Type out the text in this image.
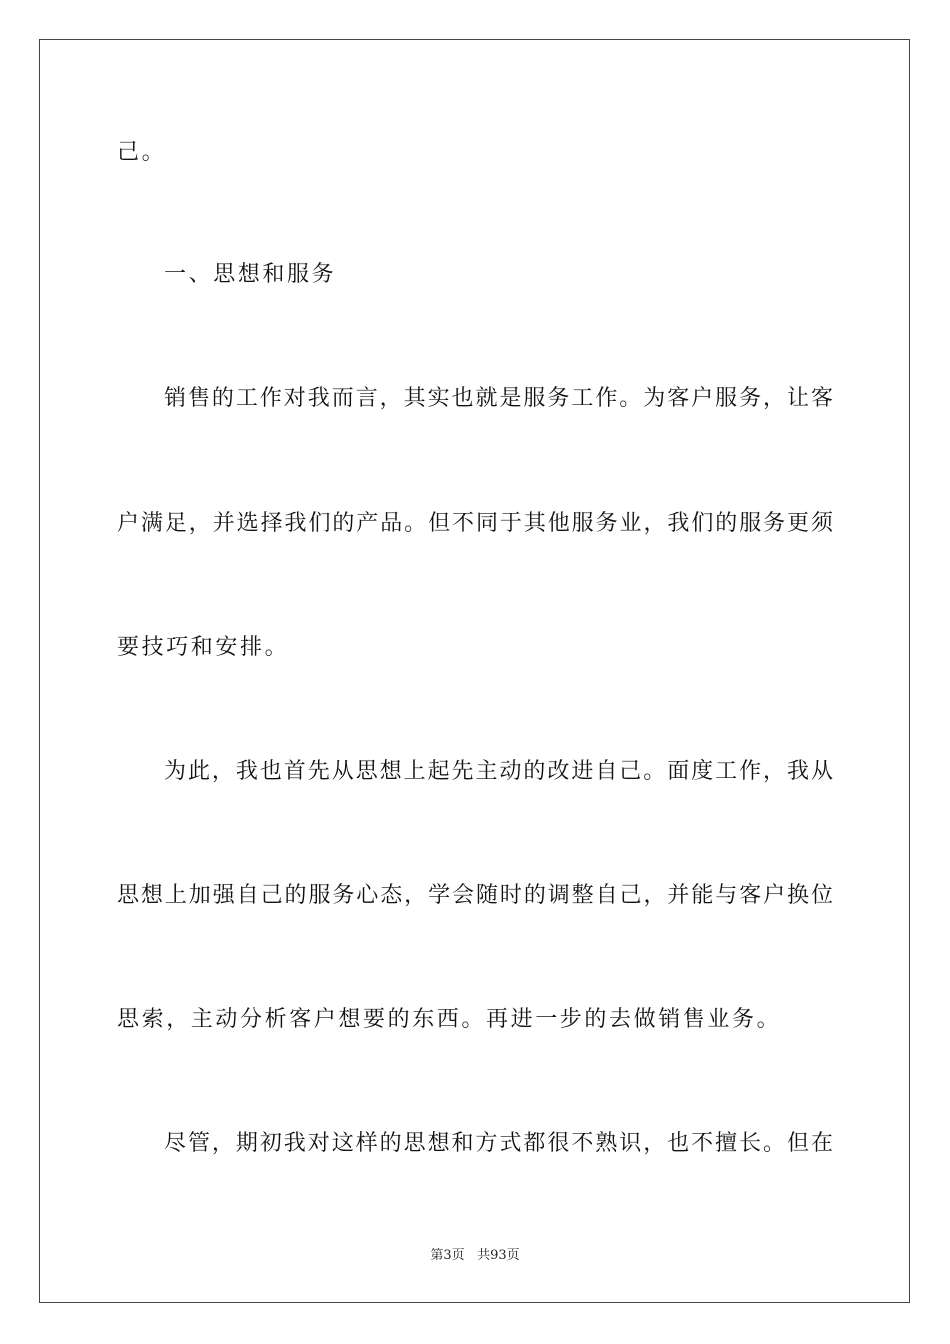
己。
一、思想和服务
销售的工作对我而言，其实也就是服务工作。为客户服务，让客
户满足，并选择我们的产品。但不同于其他服务业，我们的服务更须
要技巧和安排。
为此，我也首先从思想上起先主动的改进自己。面度工作，我从
思想上加强自己的服务心态，学会随时的调整自己，并能与客户换位
思索，主动分析客户想要的东西。再进一步的去做销售业务。
尽管，期初我对这样的思想和方式都很不熟识，也不擅长。但在
第3页 共93页
